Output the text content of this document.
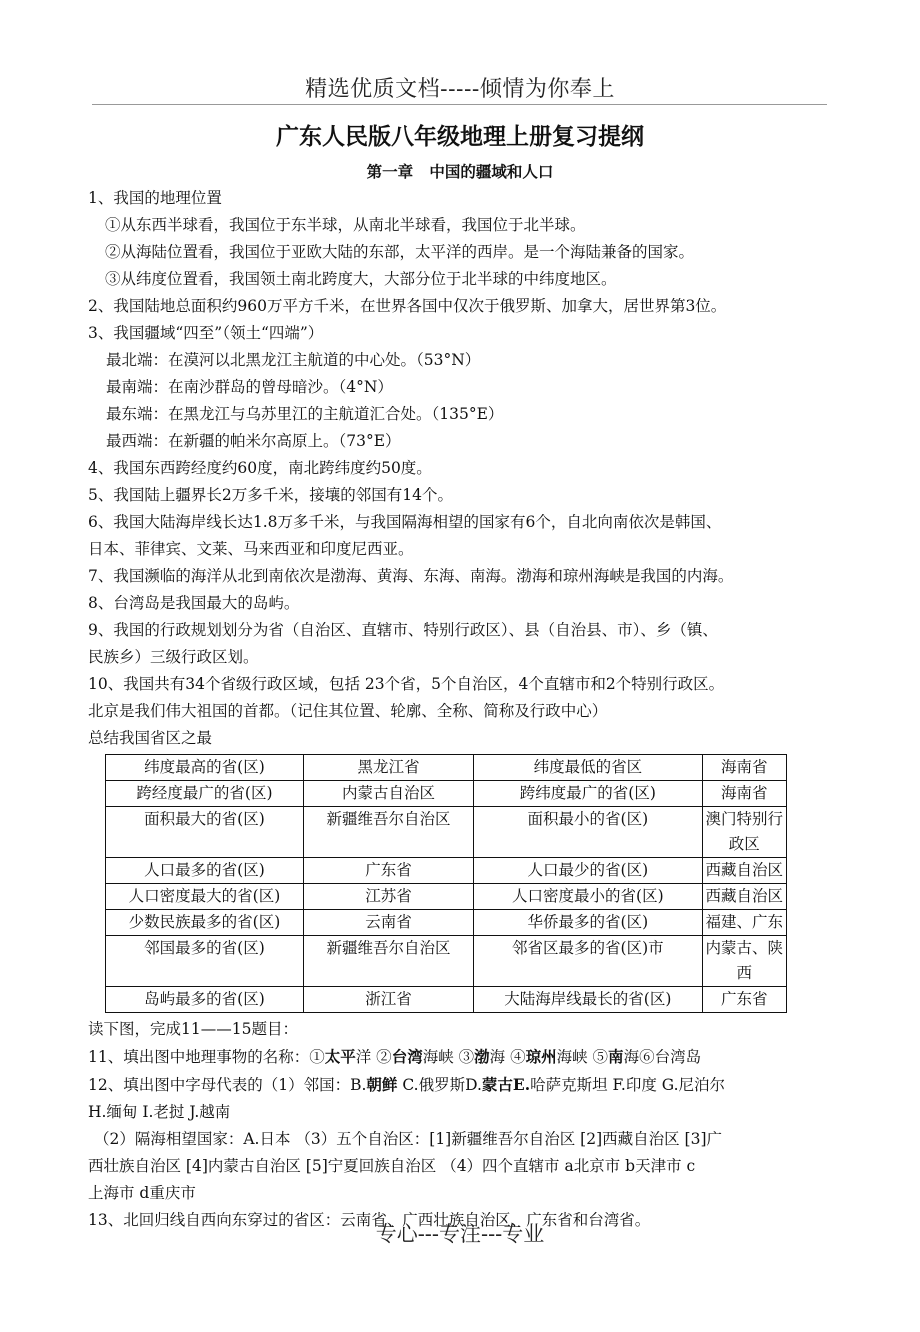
精选优质文档-----倾情为你奉上
广东人民版八年级地理上册复习提纲
第一章   中国的疆域和人口
1、我国的地理位置
①从东西半球看，我国位于东半球，从南北半球看，我国位于北半球。
②从海陆位置看，我国位于亚欧大陆的东部，太平洋的西岸。是一个海陆兼备的国家。
③从纬度位置看，我国领土南北跨度大，大部分位于北半球的中纬度地区。
2、我国陆地总面积约960万平方千米，在世界各国中仅次于俄罗斯、加拿大，居世界第3位。
3、我国疆域“四至”（领土“四端”）
最北端：在漠河以北黑龙江主航道的中心处。（53°N）
最南端：在南沙群岛的曾母暗沙。（4°N）
最东端：在黑龙江与乌苏里江的主航道汇合处。（135°E）
最西端：在新疆的帕米尔高原上。（73°E）
4、我国东西跨经度约60度，南北跨纬度约50度。
5、我国陆上疆界长2万多千米，接壤的邻国有14个。
6、我国大陆海岸线长达1.8万多千米，与我国隔海相望的国家有6个，自北向南依次是韩国、
日本、菲律宾、文莱、马来西亚和印度尼西亚。
7、我国濒临的海洋从北到南依次是渤海、黄海、东海、南海。渤海和琼州海峡是我国的内海。
8、台湾岛是我国最大的岛屿。
9、我国的行政规划划分为省（自治区、直辖市、特别行政区）、县（自治县、市）、乡（镇、
民族乡）三级行政区划。
10、我国共有34个省级行政区域，包括 23个省，5个自治区，4个直辖市和2个特别行政区。
北京是我们伟大祖国的首都。（记住其位置、轮廓、全称、简称及行政中心）
总结我国省区之最
纬度最高的省(区)	黑龙江省	纬度最低的省区	海南省
跨经度最广的省(区)	内蒙古自治区	跨纬度最广的省(区)	海南省
面积最大的省(区)	新疆维吾尔自治区	面积最小的省(区)	澳门特别行政区
人口最多的省(区)	广东省	人口最少的省(区)	西藏自治区
人口密度最大的省(区)	江苏省	人口密度最小的省(区)	西藏自治区
少数民族最多的省(区)	云南省	华侨最多的省(区)	福建、广东
邻国最多的省(区)	新疆维吾尔自治区	邻省区最多的省(区)市	内蒙古、陕西
岛屿最多的省(区)	浙江省	大陆海岸线最长的省(区)	广东省
读下图，完成11——15题目：
11、填出图中地理事物的名称：①太平洋 ②台湾海峡 ③渤海 ④琼州海峡 ⑤南海⑥台湾岛
12、填出图中字母代表的（1）邻国：B.朝鲜 C.俄罗斯D.蒙古E.哈萨克斯坦 F.印度 G.尼泊尔
H.缅甸 I.老挝 J.越南
（2）隔海相望国家：A.日本 （3）五个自治区：[1]新疆维吾尔自治区 [2]西藏自治区 [3]广
西壮族自治区 [4]内蒙古自治区 [5]宁夏回族自治区 （4）四个直辖市 a北京市 b天津市 c
上海市 d重庆市
13、北回归线自西向东穿过的省区：云南省、广西壮族自治区、广东省和台湾省。
专心---专注---专业
